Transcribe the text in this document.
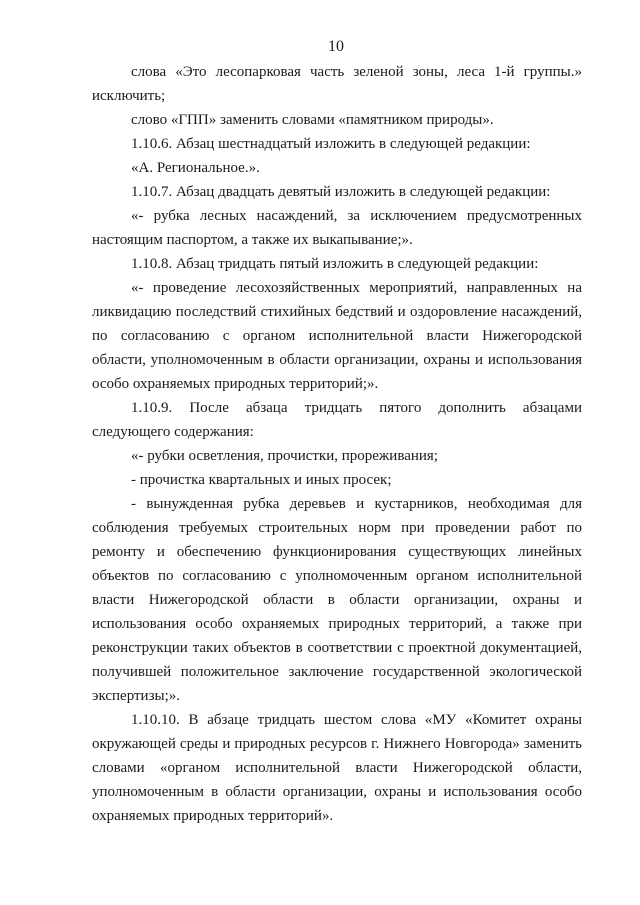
10

слова «Это лесопарковая часть зеленой зоны, леса 1-й группы.» исключить;

слово «ГПП» заменить словами «памятником природы».

1.10.6. Абзац шестнадцатый изложить в следующей редакции:

«А. Региональное.».

1.10.7. Абзац двадцать девятый изложить в следующей редакции:

«- рубка лесных насаждений, за исключением предусмотренных настоящим паспортом, а также их выкапывание;».

1.10.8. Абзац тридцать пятый изложить в следующей редакции:

«- проведение лесохозяйственных мероприятий, направленных на ликвидацию последствий стихийных бедствий и оздоровление насаждений, по согласованию с органом исполнительной власти Нижегородской области, уполномоченным в области организации, охраны и использования особо охраняемых природных территорий;».

1.10.9. После абзаца тридцать пятого дополнить абзацами следующего содержания:

«- рубки осветления, прочистки, прореживания;

- прочистка квартальных и иных просек;

- вынужденная рубка деревьев и кустарников, необходимая для соблюдения требуемых строительных норм при проведении работ по ремонту и обеспечению функционирования существующих линейных объектов по согласованию с уполномоченным органом исполнительной власти Нижегородской области в области организации, охраны и использования особо охраняемых природных территорий, а также при реконструкции таких объектов в соответствии с проектной документацией, получившей положительное заключение государственной экологической экспертизы;».

1.10.10. В абзаце тридцать шестом слова «МУ «Комитет охраны окружающей среды и природных ресурсов г. Нижнего Новгорода» заменить словами «органом исполнительной власти Нижегородской области, уполномоченным в области организации, охраны и использования особо охраняемых природных территорий».
